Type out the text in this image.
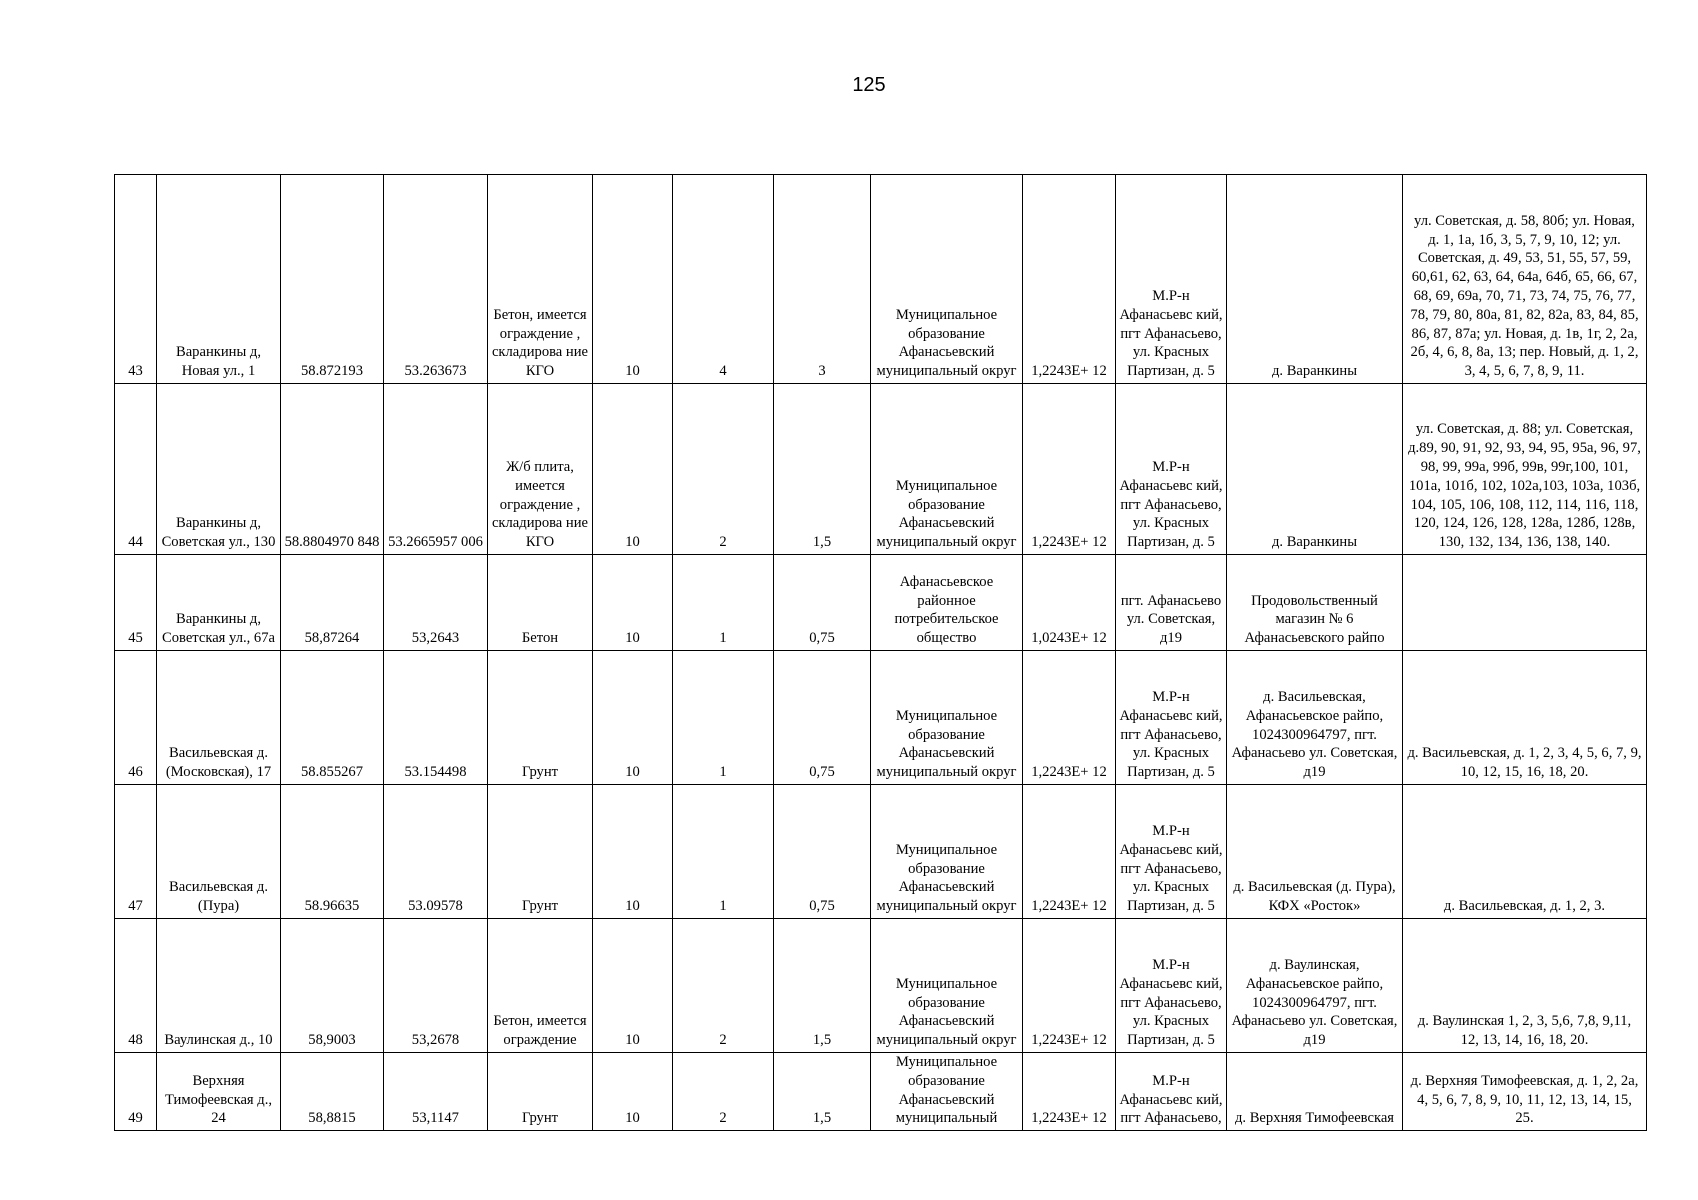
125
43	Варанкины д, Новая ул., 1	58.872193	53.263673	Бетон, имеется ограждение , складирова ние КГО	10	4	3	Муниципальное образование Афанасьевский муниципальный округ	1,2243E+ 12	М.Р-н Афанасьевс кий, пгт Афанасьево, ул. Красных Партизан, д. 5	д. Варанкины	ул. Советская, д. 58, 80б; ул. Новая, д. 1, 1а, 1б, 3, 5, 7, 9, 10, 12; ул. Советская, д. 49, 53, 51, 55, 57, 59, 60,61, 62, 63, 64, 64а, 64б, 65, 66, 67, 68, 69, 69а, 70, 71, 73, 74, 75, 76, 77, 78, 79, 80, 80а, 81, 82, 82а, 83, 84, 85, 86, 87, 87а; ул. Новая, д. 1в, 1г, 2, 2а, 2б, 4, 6, 8, 8а, 13; пер. Новый, д. 1, 2, 3, 4, 5, 6, 7, 8, 9, 11.
44	Варанкины д, Советская ул., 130	58.8804970 848	53.2665957 006	Ж/б плита, имеется ограждение , складирова ние КГО	10	2	1,5	Муниципальное образование Афанасьевский муниципальный округ	1,2243E+ 12	М.Р-н Афанасьевс кий, пгт Афанасьево, ул. Красных Партизан, д. 5	д. Варанкины	ул. Советская, д. 88; ул. Советская, д.89, 90, 91, 92, 93, 94, 95, 95а, 96, 97, 98, 99, 99а, 99б, 99в, 99г,100, 101, 101а, 101б, 102, 102а,103, 103а, 103б, 104, 105, 106, 108, 112, 114, 116, 118, 120, 124, 126, 128, 128а, 128б, 128в, 130, 132, 134, 136, 138, 140.
45	Варанкины д, Советская ул., 67а	58,87264	53,2643	Бетон	10	1	0,75	Афанасьевское районное потребительское общество	1,0243E+ 12	пгт. Афанасьево ул. Советская, д19	Продовольственный магазин № 6 Афанасьевского райпо	
46	Васильевская д. (Московская), 17	58.855267	53.154498	Грунт	10	1	0,75	Муниципальное образование Афанасьевский муниципальный округ	1,2243E+ 12	М.Р-н Афанасьевс кий, пгт Афанасьево, ул. Красных Партизан, д. 5	д. Васильевская, Афанасьевское райпо, 1024300964797, пгт. Афанасьево ул. Советская, д19	д. Васильевская, д. 1, 2, 3, 4, 5, 6, 7, 9, 10, 12, 15, 16, 18, 20.
47	Васильевская д. (Пура)	58.96635	53.09578	Грунт	10	1	0,75	Муниципальное образование Афанасьевский муниципальный округ	1,2243E+ 12	М.Р-н Афанасьевс кий, пгт Афанасьево, ул. Красных Партизан, д. 5	д. Васильевская (д. Пура), КФХ «Росток»	д. Васильевская, д. 1, 2, 3.
48	Ваулинская д., 10	58,9003	53,2678	Бетон, имеется ограждение	10	2	1,5	Муниципальное образование Афанасьевский муниципальный округ	1,2243E+ 12	М.Р-н Афанасьевс кий, пгт Афанасьево, ул. Красных Партизан, д. 5	д. Ваулинская, Афанасьевское райпо, 1024300964797, пгт. Афанасьево ул. Советская, д19	д. Ваулинская 1, 2, 3, 5,6, 7,8, 9,11, 12, 13, 14, 16, 18, 20.
49	Верхняя Тимофеевская д., 24	58,8815	53,1147	Грунт	10	2	1,5	Муниципальное образование Афанасьевский муниципальный	1,2243E+ 12	М.Р-н Афанасьевс кий, пгт Афанасьево,	д. Верхняя Тимофеевская	д. Верхняя Тимофеевская, д. 1, 2, 2а, 4, 5, 6, 7, 8, 9, 10, 11, 12, 13, 14, 15, 25.
